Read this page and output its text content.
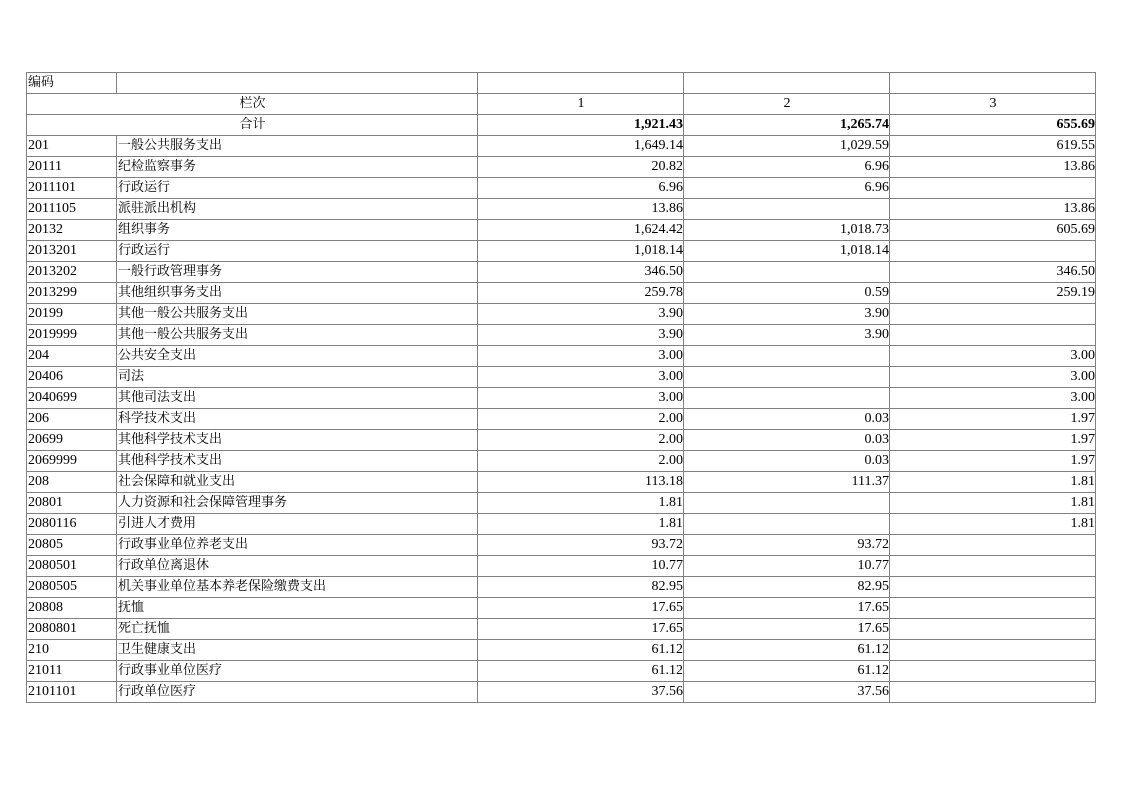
编码				
栏次		1	2	3
合计		1,921.43	1,265.74	655.69
201	一般公共服务支出	1,649.14	1,029.59	619.55
20111	纪检监察事务	20.82	6.96	13.86
2011101	行政运行	6.96	6.96	
2011105	派驻派出机构	13.86		13.86
20132	组织事务	1,624.42	1,018.73	605.69
2013201	行政运行	1,018.14	1,018.14	
2013202	一般行政管理事务	346.50		346.50
2013299	其他组织事务支出	259.78	0.59	259.19
20199	其他一般公共服务支出	3.90	3.90	
2019999	其他一般公共服务支出	3.90	3.90	
204	公共安全支出	3.00		3.00
20406	司法	3.00		3.00
2040699	其他司法支出	3.00		3.00
206	科学技术支出	2.00	0.03	1.97
20699	其他科学技术支出	2.00	0.03	1.97
2069999	其他科学技术支出	2.00	0.03	1.97
208	社会保障和就业支出	113.18	111.37	1.81
20801	人力资源和社会保障管理事务	1.81		1.81
2080116	引进人才费用	1.81		1.81
20805	行政事业单位养老支出	93.72	93.72	
2080501	行政单位离退休	10.77	10.77	
2080505	机关事业单位基本养老保险缴费支出	82.95	82.95	
20808	抚恤	17.65	17.65	
2080801	死亡抚恤	17.65	17.65	
210	卫生健康支出	61.12	61.12	
21011	行政事业单位医疗	61.12	61.12	
2101101	行政单位医疗	37.56	37.56	
